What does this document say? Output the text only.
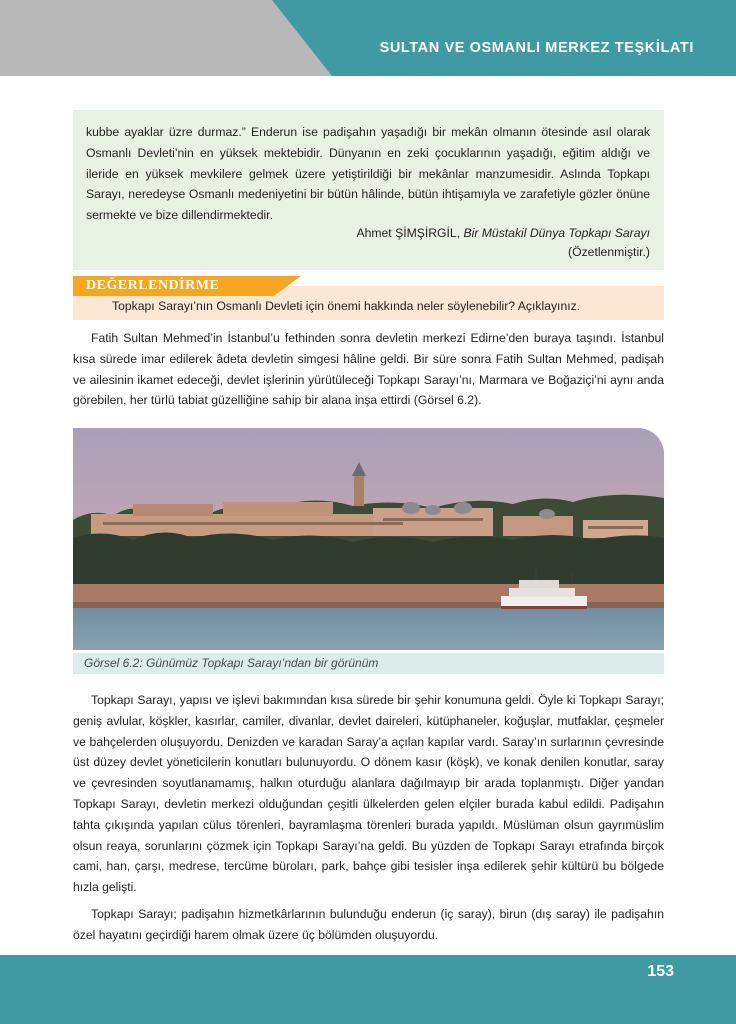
SULTAN VE OSMANLI MERKEZ TEŞKİLATI
kubbe ayaklar üzre durmaz.” Enderun ise padişahın yaşadığı bir mekân olmanın ötesinde asıl olarak Osmanlı Devleti’nin en yüksek mektebidir. Dünyanın en zeki çocuklarının yaşadığı, eğitim aldığı ve ileride en yüksek mevkilere gelmek üzere yetiştirildiği bir mekânlar manzumesidir. Aslında Topkapı Sarayı, neredeyse Osmanlı medeniyetini bir bütün hâlinde, bütün ihtişamıyla ve zarafetiyle gözler önüne sermekte ve bize dillendirmektedir.
Ahmet ŞİMŞİRGİL, Bir Müstakil Dünya Topkapı Sarayı
(Özetlenmiştir.)
DEĞERLENDİRME
Topkapı Sarayı’nın Osmanlı Devleti için önemi hakkında neler söylenebilir? Açıklayınız.

Fatih Sultan Mehmed’in İstanbul’u fethinden sonra devletin merkezi Edirne’den buraya taşındı. İstanbul kısa sürede imar edilerek âdeta devletin simgesi hâline geldi. Bir süre sonra Fatih Sultan Mehmed, padişah ve ailesinin ikamet edeceği, devlet işlerinin yürütüleceği Topkapı Sarayı’nı, Marmara ve Boğaziçi’ni aynı anda görebilen, her türlü tabiat güzelliğine sahip bir alana inşa ettirdi (Görsel 6.2).

Görsel 6.2: Günümüz Topkapı Sarayı’ndan bir görünüm

Topkapı Sarayı, yapısı ve işlevi bakımından kısa sürede bir şehir konumuna geldi. Öyle ki Topkapı Sarayı; geniş avlular, köşkler, kasırlar, camiler, divanlar, devlet daireleri, kütüphaneler, koğuşlar, mutfaklar, çeşmeler ve bahçelerden oluşuyordu. Denizden ve karadan Saray’a açılan kapılar vardı. Saray’ın surlarının çevresinde üst düzey devlet yöneticilerin konutları bulunuyordu. O dönem kasır (köşk), ve konak denilen konutlar, saray ve çevresinden soyutlanamamış, halkın oturduğu alanlara dağılmayıp bir arada toplanmıştı. Diğer yandan Topkapı Sarayı, devletin merkezi olduğundan çeşitli ülkelerden gelen elçiler burada kabul edildi. Padişahın tahta çıkışında yapılan cülus törenleri, bayramlaşma törenleri burada yapıldı. Müslüman olsun gayrımüslim olsun reaya, sorunlarını çözmek için Topkapı Sarayı’na geldi. Bu yüzden de Topkapı Sarayı etrafında birçok cami, han, çarşı, medrese, tercüme büroları, park, bahçe gibi tesisler inşa edilerek şehir kültürü bu bölgede hızla gelişti.

Topkapı Sarayı; padişahın hizmetkârlarının bulunduğu enderun (iç saray), birun (dış saray) ile padişahın özel hayatını geçirdiği harem olmak üzere üç bölümden oluşuyordu.

153
